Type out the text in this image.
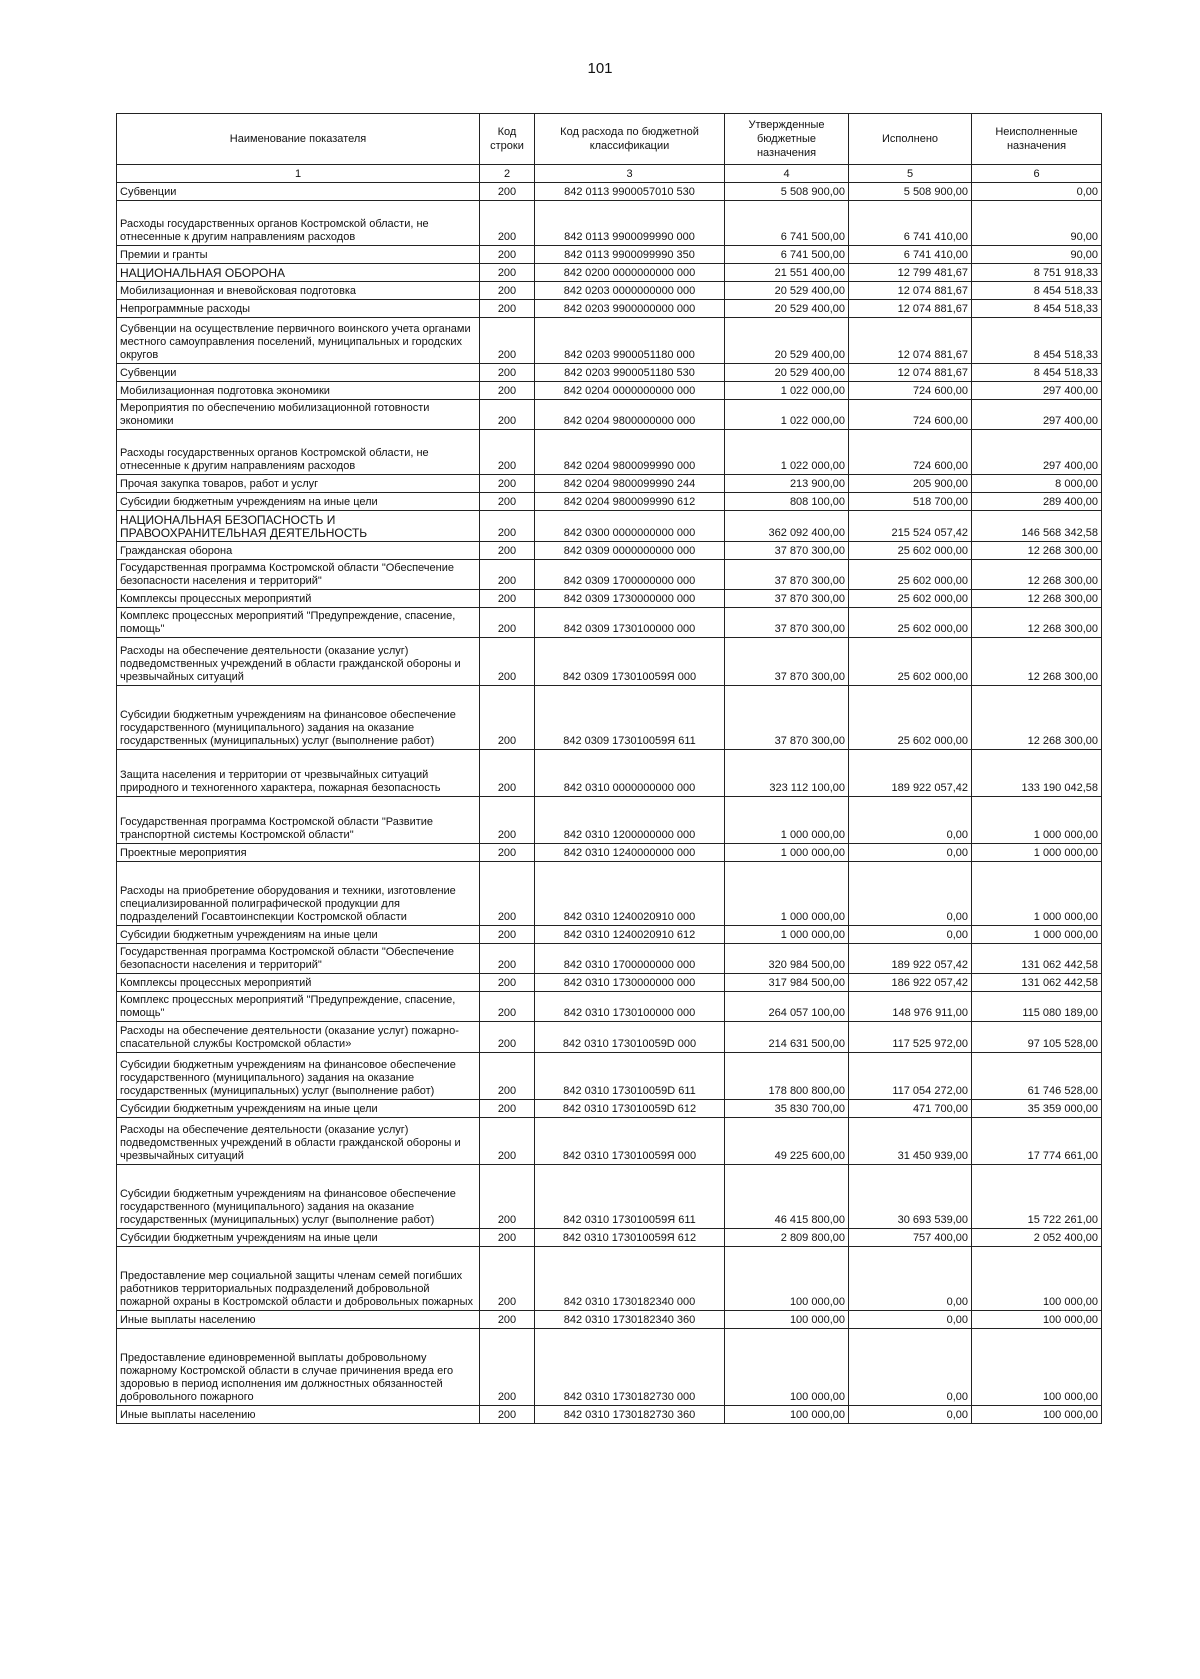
101
Наименование показателя	Код строки	Код расхода по бюджетной классификации	Утвержденные бюджетные назначения	Исполнено	Неисполненные назначения
1	2	3	4	5	6
Субвенции	200	842 0113 9900057010 530	5 508 900,00	5 508 900,00	0,00
Расходы государственных органов Костромской области, не отнесенные к другим направлениям расходов	200	842 0113 9900099990 000	6 741 500,00	6 741 410,00	90,00
Премии и гранты	200	842 0113 9900099990 350	6 741 500,00	6 741 410,00	90,00
НАЦИОНАЛЬНАЯ ОБОРОНА	200	842 0200 0000000000 000	21 551 400,00	12 799 481,67	8 751 918,33
Мобилизационная и вневойсковая подготовка	200	842 0203 0000000000 000	20 529 400,00	12 074 881,67	8 454 518,33
Непрограммные расходы	200	842 0203 9900000000 000	20 529 400,00	12 074 881,67	8 454 518,33
Субвенции на осуществление первичного воинского учета органами местного самоуправления поселений, муниципальных и городских округов	200	842 0203 9900051180 000	20 529 400,00	12 074 881,67	8 454 518,33
Субвенции	200	842 0203 9900051180 530	20 529 400,00	12 074 881,67	8 454 518,33
Мобилизационная подготовка экономики	200	842 0204 0000000000 000	1 022 000,00	724 600,00	297 400,00
Мероприятия по обеспечению мобилизационной готовности экономики	200	842 0204 9800000000 000	1 022 000,00	724 600,00	297 400,00
Расходы государственных органов Костромской области, не отнесенные к другим направлениям расходов	200	842 0204 9800099990 000	1 022 000,00	724 600,00	297 400,00
Прочая закупка товаров, работ и услуг	200	842 0204 9800099990 244	213 900,00	205 900,00	8 000,00
Субсидии бюджетным учреждениям на иные цели	200	842 0204 9800099990 612	808 100,00	518 700,00	289 400,00
НАЦИОНАЛЬНАЯ БЕЗОПАСНОСТЬ И ПРАВООХРАНИТЕЛЬНАЯ ДЕЯТЕЛЬНОСТЬ	200	842 0300 0000000000 000	362 092 400,00	215 524 057,42	146 568 342,58
Гражданская оборона	200	842 0309 0000000000 000	37 870 300,00	25 602 000,00	12 268 300,00
Государственная программа Костромской области "Обеспечение безопасности населения и территорий"	200	842 0309 1700000000 000	37 870 300,00	25 602 000,00	12 268 300,00
Комплексы процессных мероприятий	200	842 0309 1730000000 000	37 870 300,00	25 602 000,00	12 268 300,00
Комплекс процессных мероприятий "Предупреждение, спасение, помощь"	200	842 0309 1730100000 000	37 870 300,00	25 602 000,00	12 268 300,00
Расходы на обеспечение деятельности (оказание услуг) подведомственных учреждений в области гражданской обороны и чрезвычайных ситуаций	200	842 0309 173010059Я 000	37 870 300,00	25 602 000,00	12 268 300,00
Субсидии бюджетным учреждениям на финансовое обеспечение государственного (муниципального) задания на оказание государственных (муниципальных) услуг (выполнение работ)	200	842 0309 173010059Я 611	37 870 300,00	25 602 000,00	12 268 300,00
Защита населения и территории от чрезвычайных ситуаций природного и техногенного характера, пожарная безопасность	200	842 0310 0000000000 000	323 112 100,00	189 922 057,42	133 190 042,58
Государственная программа Костромской области "Развитие транспортной системы Костромской области"	200	842 0310 1200000000 000	1 000 000,00	0,00	1 000 000,00
Проектные мероприятия	200	842 0310 1240000000 000	1 000 000,00	0,00	1 000 000,00
Расходы на приобретение оборудования и техники, изготовление специализированной полиграфической продукции для подразделений Госавтоинспекции Костромской области	200	842 0310 1240020910 000	1 000 000,00	0,00	1 000 000,00
Субсидии бюджетным учреждениям на иные цели	200	842 0310 1240020910 612	1 000 000,00	0,00	1 000 000,00
Государственная программа Костромской области "Обеспечение безопасности населения и территорий"	200	842 0310 1700000000 000	320 984 500,00	189 922 057,42	131 062 442,58
Комплексы процессных мероприятий	200	842 0310 1730000000 000	317 984 500,00	186 922 057,42	131 062 442,58
Комплекс процессных мероприятий "Предупреждение, спасение, помощь"	200	842 0310 1730100000 000	264 057 100,00	148 976 911,00	115 080 189,00
Расходы на обеспечение деятельности (оказание услуг) пожарно-спасательной службы Костромской области»	200	842 0310 173010059D 000	214 631 500,00	117 525 972,00	97 105 528,00
Субсидии бюджетным учреждениям на финансовое обеспечение государственного (муниципального) задания на оказание государственных (муниципальных) услуг (выполнение работ)	200	842 0310 173010059D 611	178 800 800,00	117 054 272,00	61 746 528,00
Субсидии бюджетным учреждениям на иные цели	200	842 0310 173010059D 612	35 830 700,00	471 700,00	35 359 000,00
Расходы на обеспечение деятельности (оказание услуг) подведомственных учреждений в области гражданской обороны и чрезвычайных ситуаций	200	842 0310 173010059Я 000	49 225 600,00	31 450 939,00	17 774 661,00
Субсидии бюджетным учреждениям на финансовое обеспечение государственного (муниципального) задания на оказание государственных (муниципальных) услуг (выполнение работ)	200	842 0310 173010059Я 611	46 415 800,00	30 693 539,00	15 722 261,00
Субсидии бюджетным учреждениям на иные цели	200	842 0310 173010059Я 612	2 809 800,00	757 400,00	2 052 400,00
Предоставление мер социальной защиты членам семей погибших работников территориальных подразделений добровольной пожарной охраны в Костромской области и добровольных пожарных	200	842 0310 1730182340 000	100 000,00	0,00	100 000,00
Иные выплаты населению	200	842 0310 1730182340 360	100 000,00	0,00	100 000,00
Предоставление единовременной выплаты добровольному пожарному Костромской области в случае причинения вреда его здоровью в период исполнения им должностных обязанностей добровольного пожарного	200	842 0310 1730182730 000	100 000,00	0,00	100 000,00
Иные выплаты населению	200	842 0310 1730182730 360	100 000,00	0,00	100 000,00
